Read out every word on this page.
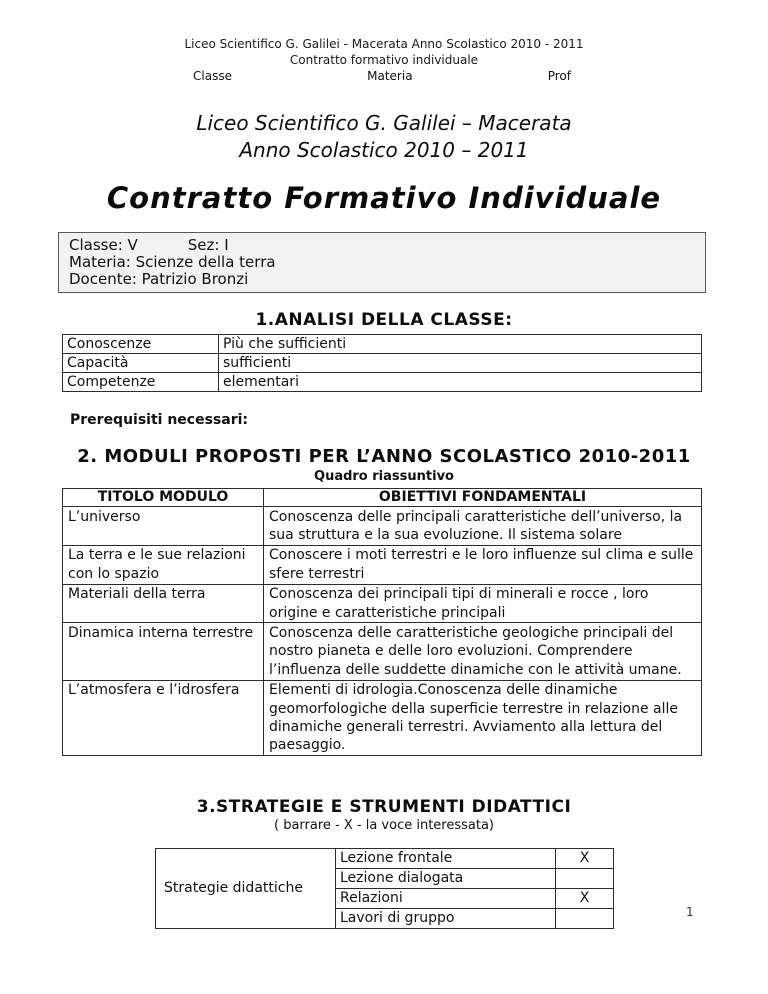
Liceo Scientifico G. Galilei - Macerata Anno Scolastico 2010 - 2011
Contratto formativo individuale
Classe	Materia	Prof
Liceo Scientifico G. Galilei – Macerata
Anno Scolastico 2010 – 2011
Contratto Formativo Individuale
Classe: V	Sez: I
Materia: Scienze della terra
Docente: Patrizio Bronzi
1.ANALISI DELLA CLASSE:
Conoscenze	Più che sufficienti
Capacità	sufficienti
Competenze	elementari
Prerequisiti necessari:
2. MODULI PROPOSTI PER L’ANNO SCOLASTICO 2010-2011
Quadro riassuntivo
TITOLO MODULO	OBIETTIVI FONDAMENTALI
L’universo	Conoscenza delle principali caratteristiche dell’universo, la sua struttura e la sua evoluzione. Il sistema solare
La terra e le sue relazioni con lo spazio	Conoscere i moti terrestri e le loro influenze sul clima e sulle sfere terrestri
Materiali della terra	Conoscenza dei principali tipi di minerali e rocce , loro origine e caratteristiche principali
Dinamica interna terrestre	Conoscenza delle caratteristiche geologiche principali del nostro pianeta e delle loro evoluzioni. Comprendere l’influenza delle suddette dinamiche con le attività umane.
L’atmosfera e l’idrosfera	Elementi di idrologia.Conoscenza delle dinamiche geomorfologiche della superficie terrestre in relazione alle dinamiche generali terrestri. Avviamento alla lettura del paesaggio.
3.STRATEGIE E STRUMENTI DIDATTICI
( barrare - X - la voce interessata)
Strategie didattiche	Lezione frontale	X
	Lezione dialogata	
	Relazioni	X
	Lavori di gruppo		1
